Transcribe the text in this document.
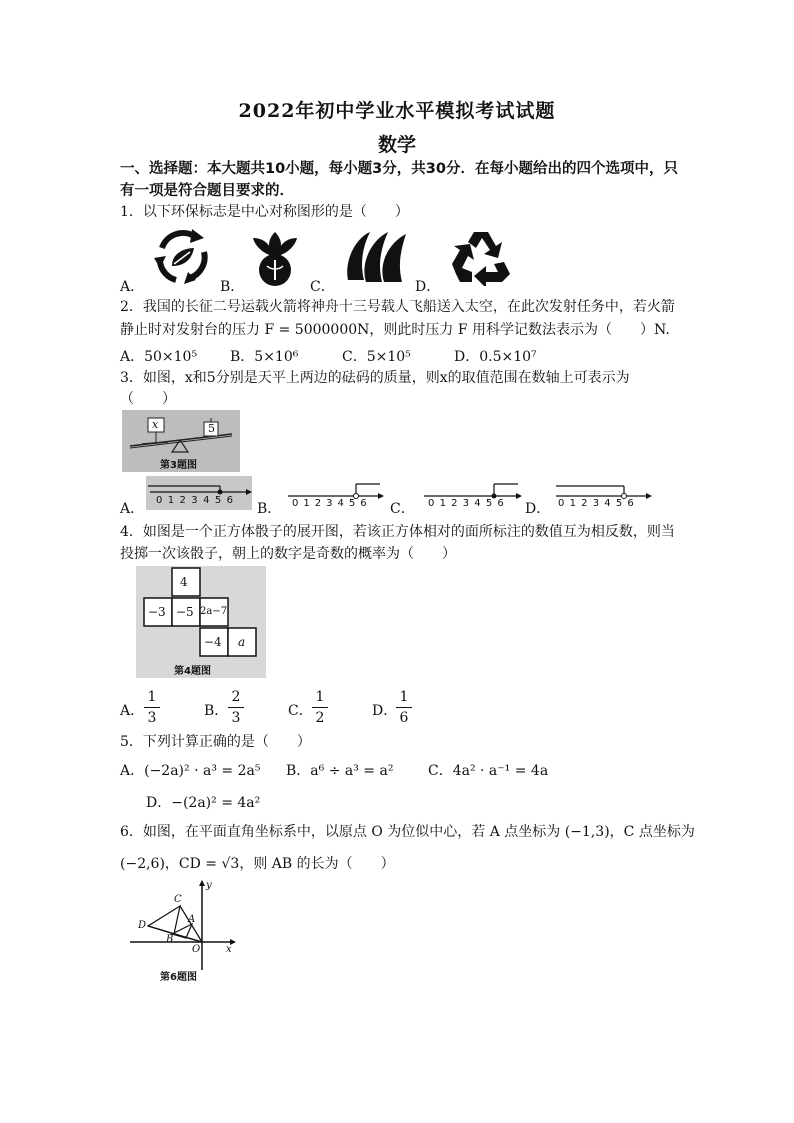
2022年初中学业水平模拟考试试题
数学
一、选择题：本大题共10小题，每小题3分，共30分．在每小题给出的四个选项中，只
有一项是符合题目要求的．
1．以下环保标志是中心对称图形的是（　　）
A．	B．	C．	D．
2．我国的长征二号运载火箭将神舟十三号载人飞船送入太空，在此次发射任务中，若火箭
静止时对发射台的压力 F = 5000000N，则此时压力 F 用科学记数法表示为（　　）N.
A．50×10⁵ B．5×10⁶	C．5×10⁵	D．0.5×10⁷
3．如图，x和5分别是天平上两边的砝码的质量，则x的取值范围在数轴上可表示为
（　　）
x	5
第3题图
A．
0123456
B． 0123456 C． 0123456 D． 0123456
4．如图是一个正方体骰子的展开图，若该正方体相对的面所标注的数值互为相反数，则当
投掷一次该骰子，朝上的数字是奇数的概率为（　　）
4
−3 −5 2a−7
−4 a
第4题图
A．
1
3	B．
2
3	C．
1
2	D．
1
6
5．下列计算正确的是（　　）
A．(−2a)² · a³ = 2a⁵ B．a⁶ ÷ a³ = a² C．4a² · a⁻¹ = 4a
D．−(2a)² = 4a²
6．如图，在平面直角坐标系中，以原点 O 为位似中心，若 A 点坐标为 (−1,3)，C 点坐标为
(−2,6)，CD = √3，则 AB 的长为（　　）
C
D
A
B
O	x
y
第6题图
